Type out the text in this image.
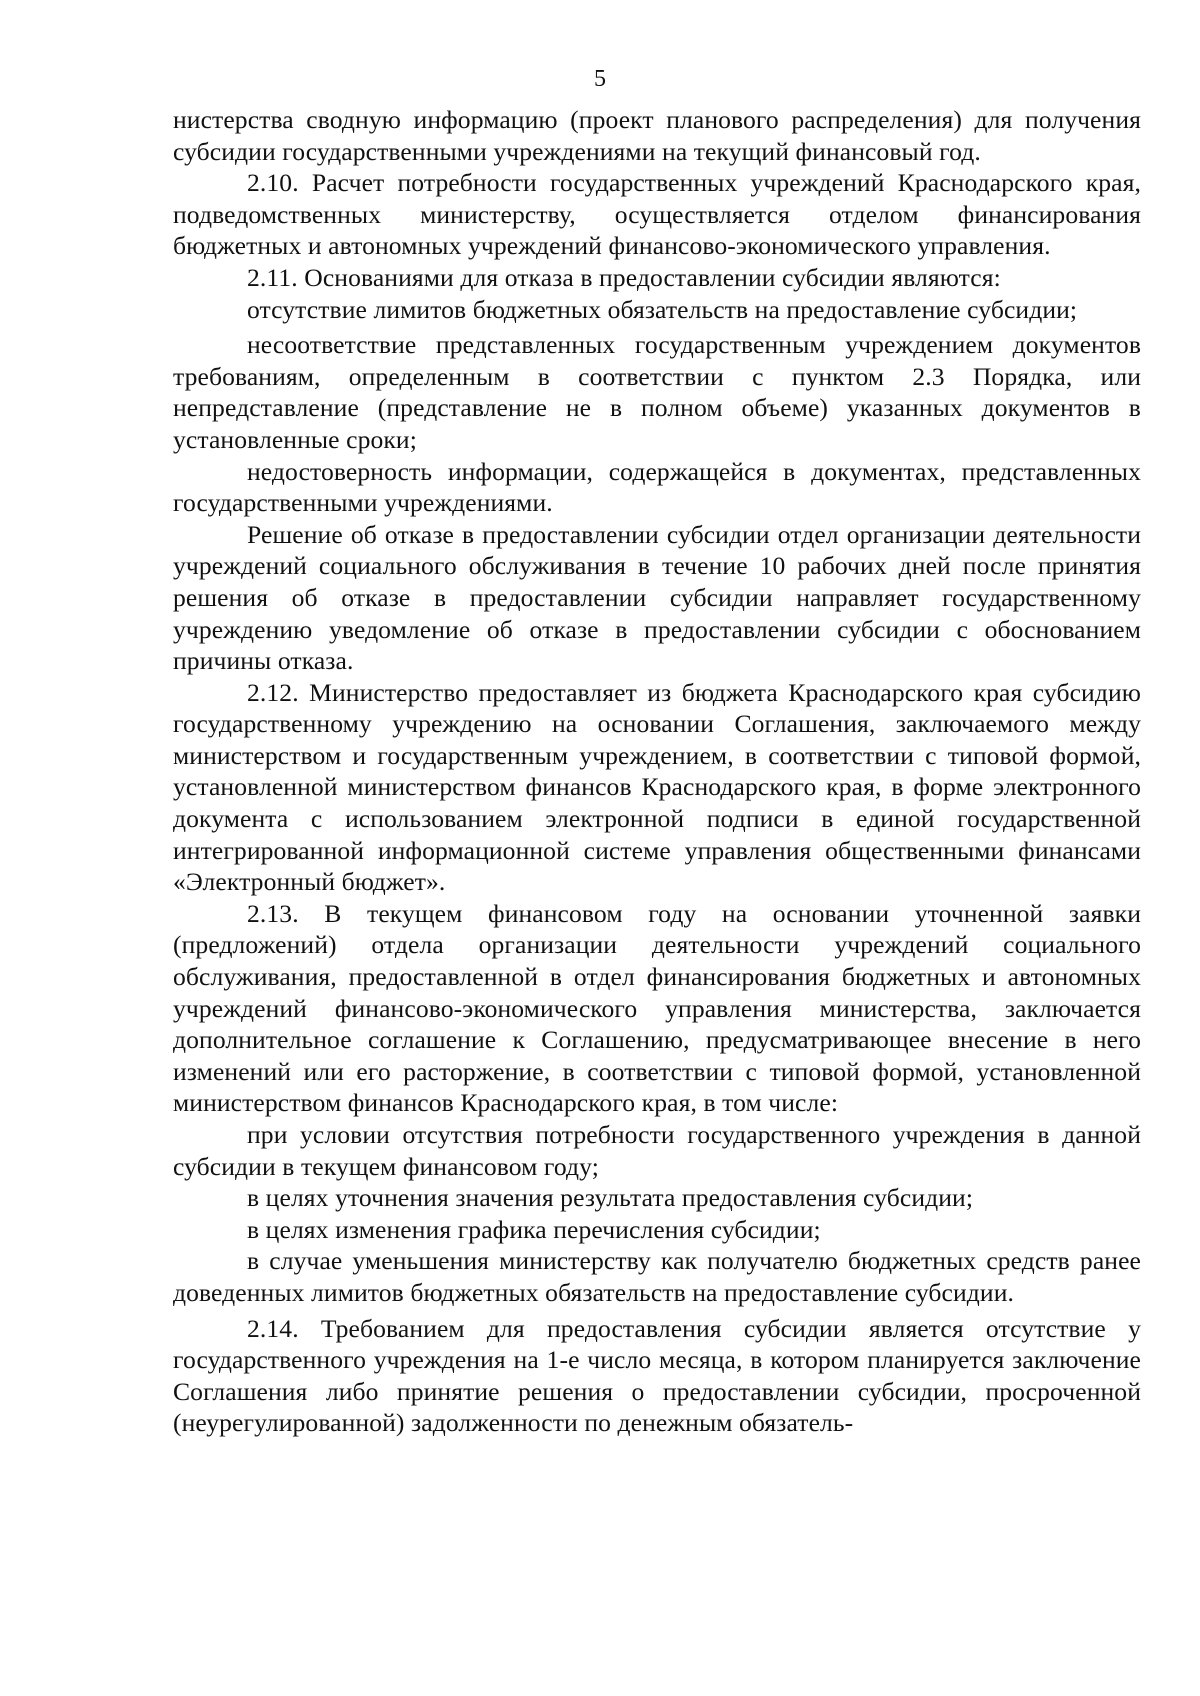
5

нистерства сводную информацию (проект планового распределения) для получения субсидии государственными учреждениями на текущий финансовый год.

2.10. Расчет потребности государственных учреждений Краснодарского края, подведомственных министерству, осуществляется отделом финансирования бюджетных и автономных учреждений финансово-экономического управления.

2.11. Основаниями для отказа в предоставлении субсидии являются:

отсутствие лимитов бюджетных обязательств на предоставление субсидии;

несоответствие представленных государственным учреждением документов требованиям, определенным в соответствии с пунктом 2.3 Порядка, или непредставление (представление не в полном объеме) указанных документов в установленные сроки;

недостоверность информации, содержащейся в документах, представленных государственными учреждениями.

Решение об отказе в предоставлении субсидии отдел организации деятельности учреждений социального обслуживания в течение 10 рабочих дней после принятия решения об отказе в предоставлении субсидии направляет государственному учреждению уведомление об отказе в предоставлении субсидии с обоснованием причины отказа.

2.12. Министерство предоставляет из бюджета Краснодарского края субсидию государственному учреждению на основании Соглашения, заключаемого между министерством и государственным учреждением, в соответствии с типовой формой, установленной министерством финансов Краснодарского края, в форме электронного документа с использованием электронной подписи в единой государственной интегрированной информационной системе управления общественными финансами «Электронный бюджет».

2.13. В текущем финансовом году на основании уточненной заявки (предложений) отдела организации деятельности учреждений социального обслуживания, предоставленной в отдел финансирования бюджетных и автономных учреждений финансово-экономического управления министерства, заключается дополнительное соглашение к Соглашению, предусматривающее внесение в него изменений или его расторжение, в соответствии с типовой формой, установленной министерством финансов Краснодарского края, в том числе:

при условии отсутствия потребности государственного учреждения в данной субсидии в текущем финансовом году;

в целях уточнения значения результата предоставления субсидии;

в целях изменения графика перечисления субсидии;

в случае уменьшения министерству как получателю бюджетных средств ранее доведенных лимитов бюджетных обязательств на предоставление субсидии.

2.14. Требованием для предоставления субсидии является отсутствие у государственного учреждения на 1-е число месяца, в котором планируется заключение Соглашения либо принятие решения о предоставлении субсидии, просроченной (неурегулированной) задолженности по денежным обязатель-
